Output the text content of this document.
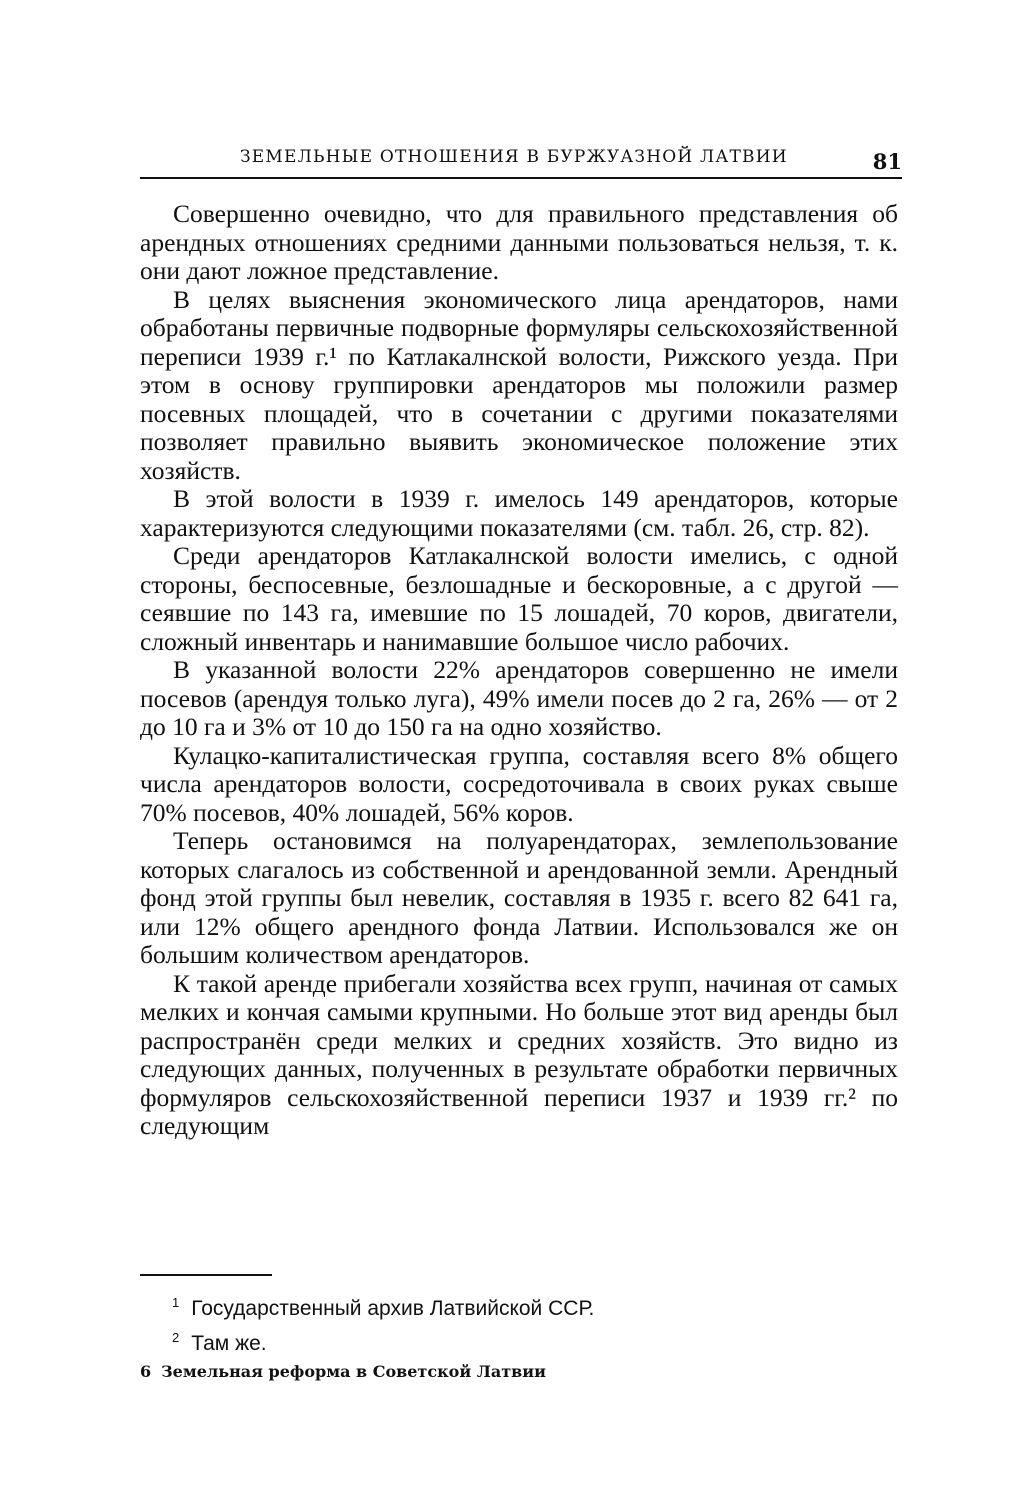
ЗЕМЕЛЬНЫЕ ОТНОШЕНИЯ В БУРЖУАЗНОЙ ЛАТВИИ	81

Совершенно очевидно, что для правильного представления об арендных отношениях средними данными пользоваться нельзя, т. к. они дают ложное представление.

В целях выяснения экономического лица арендаторов, нами обработаны первичные подворные формуляры сельскохозяйственной переписи 1939 г.¹ по Катлакалнской волости, Рижского уезда. При этом в основу группировки арендаторов мы положили размер посевных площадей, что в сочетании с другими показателями позволяет правильно выявить экономическое положение этих хозяйств.

В этой волости в 1939 г. имелось 149 арендаторов, которые характеризуются следующими показателями (см. табл. 26, стр. 82).

Среди арендаторов Катлакалнской волости имелись, с одной стороны, беспосевные, безлошадные и бескоровные, а с другой — сеявшие по 143 га, имевшие по 15 лошадей, 70 коров, двигатели, сложный инвентарь и нанимавшие большое число рабочих.

В указанной волости 22% арендаторов совершенно не имели посевов (арендуя только луга), 49% имели посев до 2 га, 26% — от 2 до 10 га и 3% от 10 до 150 га на одно хозяйство.

Кулацко-капиталистическая группа, составляя всего 8% общего числа арендаторов волости, сосредоточивала в своих руках свыше 70% посевов, 40% лошадей, 56% коров.

Теперь остановимся на полуарендаторах, землепользование которых слагалось из собственной и арендованной земли. Арендный фонд этой группы был невелик, составляя в 1935 г. всего 82 641 га, или 12% общего арендного фонда Латвии. Использовался же он большим количеством арендаторов.

К такой аренде прибегали хозяйства всех групп, начиная от самых мелких и кончая самыми крупными. Но больше этот вид аренды был распространён среди мелких и средних хозяйств. Это видно из следующих данных, полученных в результате обработки первичных формуляров сельскохозяйственной переписи 1937 и 1939 гг.² по следующим

$^1$ Государственный архив Латвийской ССР.

$^2$ Там же.

6 Земельная реформа в Советской Латвии
